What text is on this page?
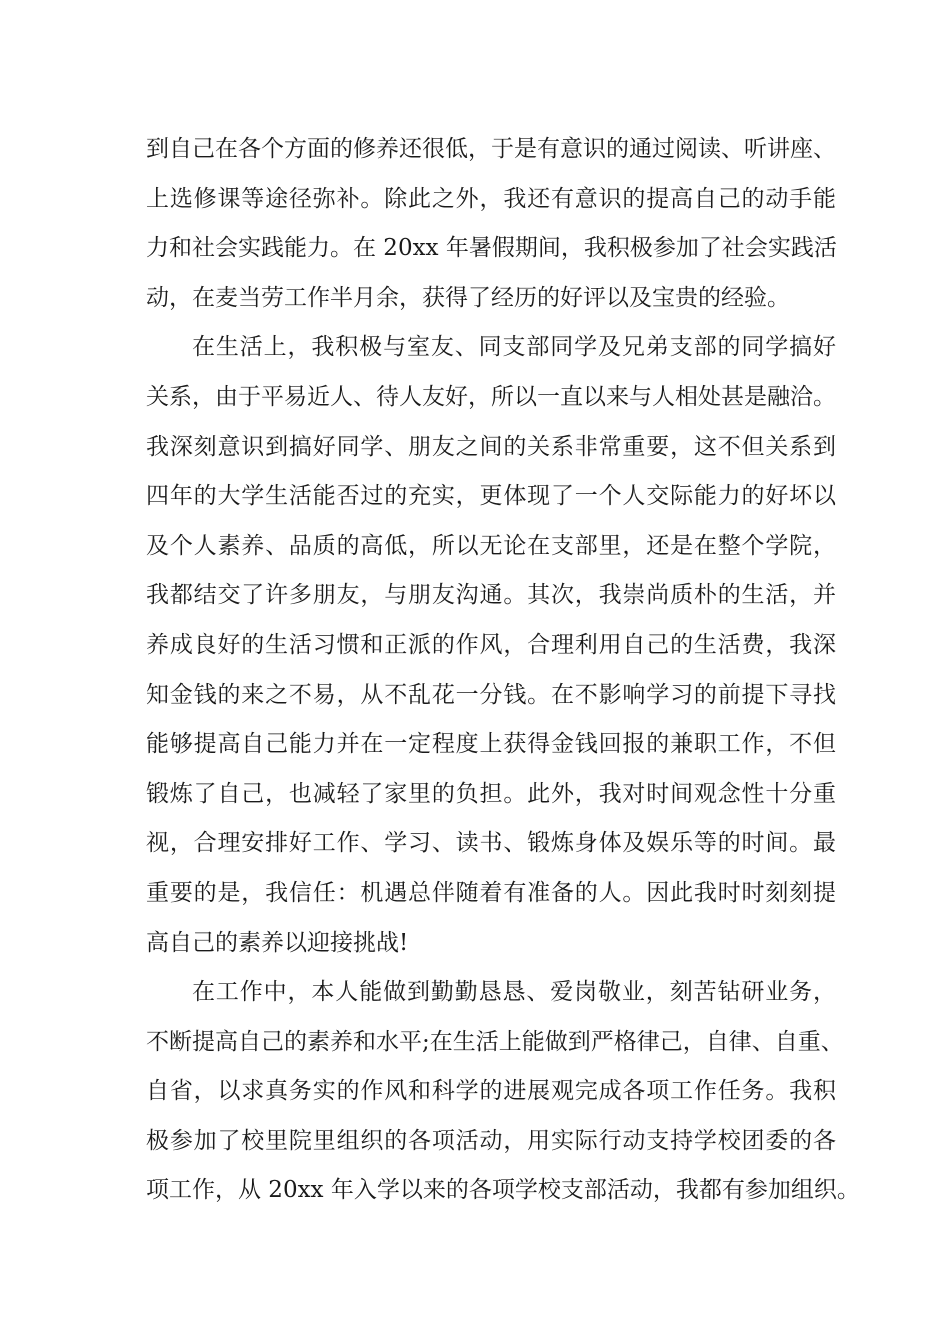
到自己在各个方面的修养还很低，于是有意识的通过阅读、听讲座、
上选修课等途径弥补。除此之外，我还有意识的提高自己的动手能
力和社会实践能力。在 20xx 年暑假期间，我积极参加了社会实践活
动，在麦当劳工作半月余，获得了经历的好评以及宝贵的经验。
在生活上，我积极与室友、同支部同学及兄弟支部的同学搞好
关系，由于平易近人、待人友好，所以一直以来与人相处甚是融洽。
我深刻意识到搞好同学、朋友之间的关系非常重要，这不但关系到
四年的大学生活能否过的充实，更体现了一个人交际能力的好坏以
及个人素养、品质的高低，所以无论在支部里，还是在整个学院，
我都结交了许多朋友，与朋友沟通。其次，我崇尚质朴的生活，并
养成良好的生活习惯和正派的作风，合理利用自己的生活费，我深
知金钱的来之不易，从不乱花一分钱。在不影响学习的前提下寻找
能够提高自己能力并在一定程度上获得金钱回报的兼职工作，不但
锻炼了自己，也减轻了家里的负担。此外，我对时间观念性十分重
视，合理安排好工作、学习、读书、锻炼身体及娱乐等的时间。最
重要的是，我信任：机遇总伴随着有准备的人。因此我时时刻刻提
高自己的素养以迎接挑战!
在工作中，本人能做到勤勤恳恳、爱岗敬业，刻苦钻研业务，
不断提高自己的素养和水平;在生活上能做到严格律己，自律、自重、
自省，以求真务实的作风和科学的进展观完成各项工作任务。我积
极参加了校里院里组织的各项活动，用实际行动支持学校团委的各
项工作，从 20xx 年入学以来的各项学校支部活动，我都有参加组织。
